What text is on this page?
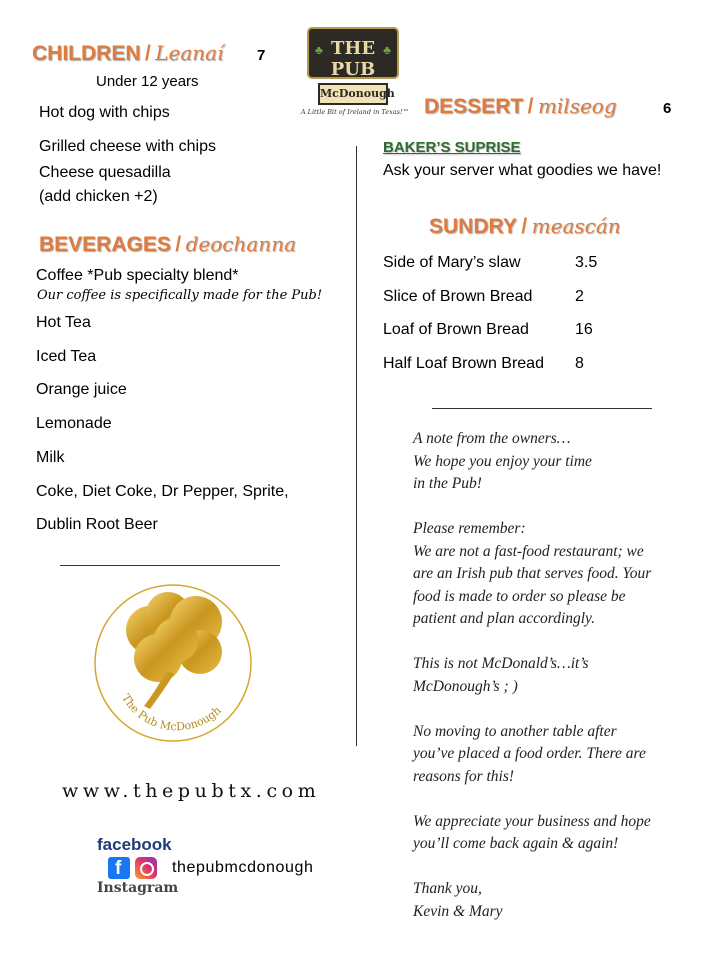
CHILDREN / Leanaí 7
Under 12 years
Hot dog with chips
Grilled cheese with chips
Cheese quesadilla
(add chicken +2)
BEVERAGES / deochanna
Coffee *Pub specialty blend*
Our coffee is specifically made for the Pub!
Hot Tea
Iced Tea
Orange juice
Lemonade
Milk
Coke, Diet Coke, Dr Pepper, Sprite,
Dublin Root Beer
The Pub McDonough
www.thepubtx.com
facebook
f
Instagram
thepubmcdonough
♣ THE PUB
♣
McDonough
A Little Bit of Ireland in Texas!™ DESSERT / milseog	6
BAKER’S SUPRISE
Ask your server what goodies we have!
SUNDRY / meascán
Side of Mary’s slaw	3.5
Slice of Brown Bread	2
Loaf of Brown Bread	16
Half Loaf Brown Bread 8

A note from the owners…
We hope you enjoy your time
in the Pub!

Please remember:
We are not a fast-food restaurant; we
are an Irish pub that serves food. Your
food is made to order so please be
patient and plan accordingly.

This is not McDonald’s…it’s
McDonough’s ; )

No moving to another table after
you’ve placed a food order. There are
reasons for this!

We appreciate your business and hope
you’ll come back again & again!

Thank you,
Kevin & Mary
